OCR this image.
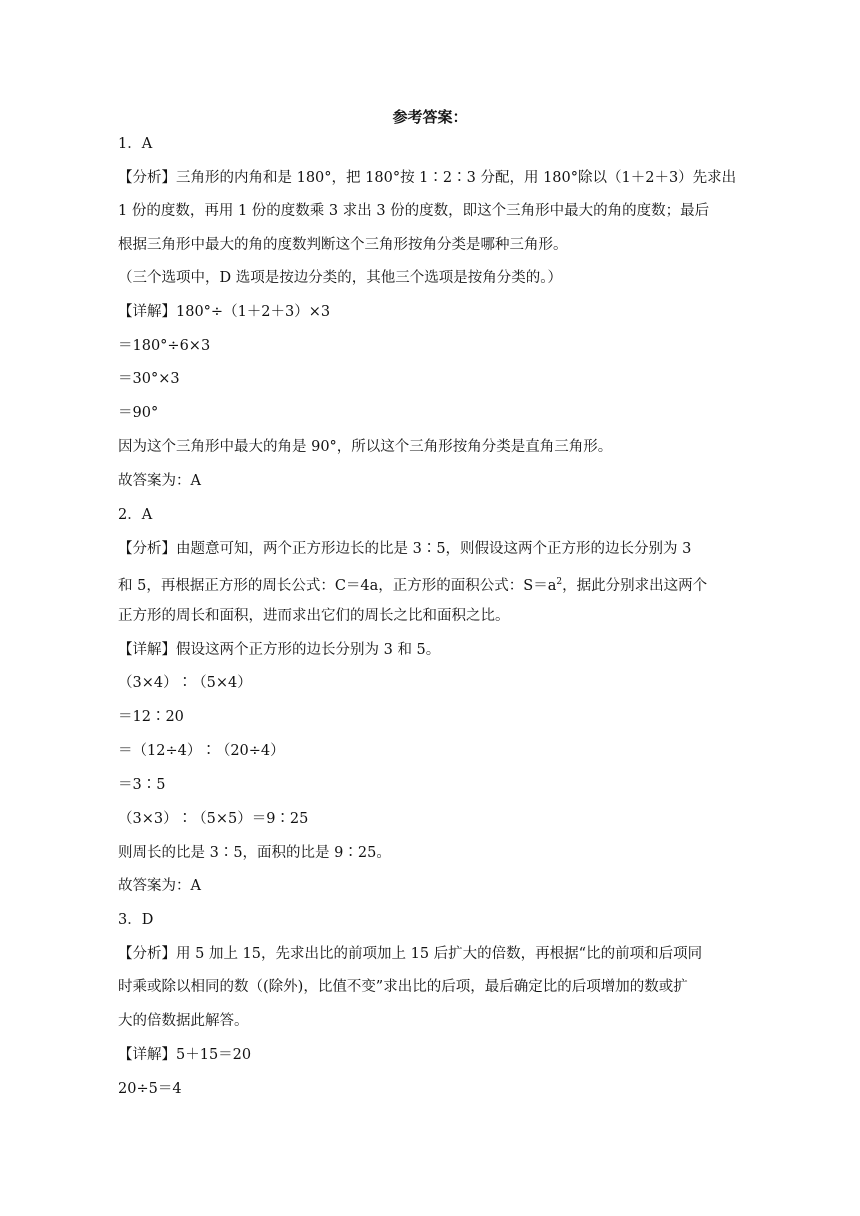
参考答案：
1．A
【分析】三角形的内角和是 180°，把 180°按 1∶2∶3 分配，用 180°除以（1＋2＋3）先求出
1 份的度数，再用 1 份的度数乘 3 求出 3 份的度数，即这个三角形中最大的角的度数；最后
根据三角形中最大的角的度数判断这个三角形按角分类是哪种三角形。
（三个选项中，D 选项是按边分类的，其他三个选项是按角分类的。）
【详解】180°÷（1＋2＋3）×3
＝180°÷6×3
＝30°×3
＝90°
因为这个三角形中最大的角是 90°，所以这个三角形按角分类是直角三角形。
故答案为：A
2．A
【分析】由题意可知，两个正方形边长的比是 3∶5，则假设这两个正方形的边长分别为 3
和 5，再根据正方形的周长公式：C＝4a，正方形的面积公式：$S=a^2$，据此分别求出这两个
正方形的周长和面积，进而求出它们的周长之比和面积之比。
【详解】假设这两个正方形的边长分别为 3 和 5。
（3×4）∶（5×4）
＝12∶20
＝（12÷4）∶（20÷4）
＝3∶5
（3×3）∶（5×5）＝9∶25
则周长的比是 3∶5，面积的比是 9∶25。
故答案为：A
3．D
【分析】用 5 加上 15，先求出比的前项加上 15 后扩大的倍数，再根据“比的前项和后项同
时乘或除以相同的数（(除外)，比值不变”求出比的后项，最后确定比的后项增加的数或扩
大的倍数据此解答。
【详解】5＋15＝20
20÷5＝4
